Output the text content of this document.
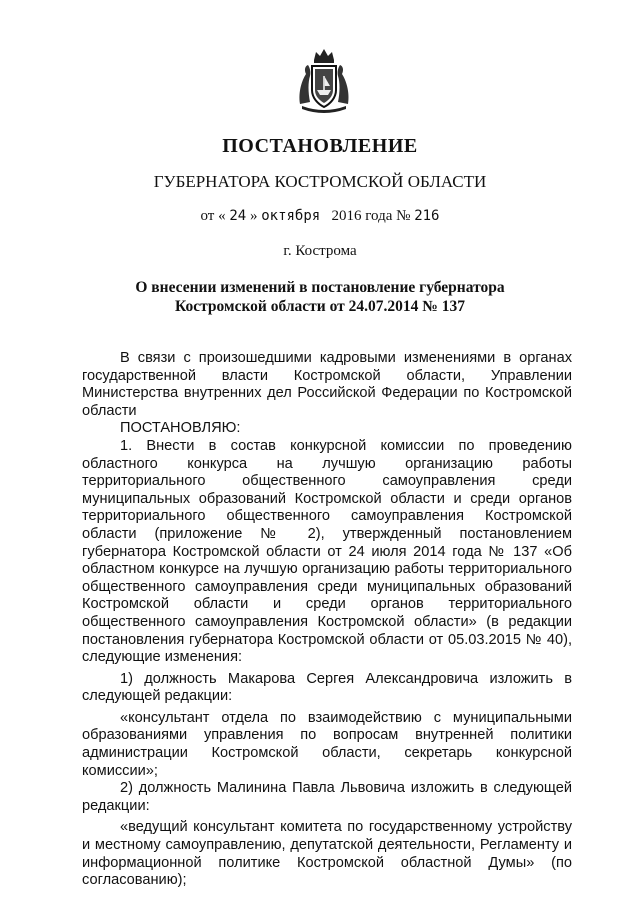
ПОСТАНОВЛЕНИЕ
ГУБЕРНАТОРА КОСТРОМСКОЙ ОБЛАСТИ
от « 24 » октября 2016 года № 216
г. Кострома
О внесении изменений в постановление губернатора
Костромской области от 24.07.2014 № 137

В связи с произошедшими кадровыми изменениями в органах государственной власти Костромской области, Управлении Министерства внутренних дел Российской Федерации по Костромской области

ПОСТАНОВЛЯЮ:

1. Внести в состав конкурсной комиссии по проведению областного конкурса на лучшую организацию работы территориального общественного самоуправления среди муниципальных образований Костромской области и среди органов территориального общественного самоуправления Костромской области (приложение № 2), утвержденный постановлением губернатора Костромской области от 24 июля 2014 года № 137 «Об областном конкурсе на лучшую организацию работы территориального общественного самоуправления среди муниципальных образований Костромской области и среди органов территориального общественного самоуправления Костромской области» (в редакции постановления губернатора Костромской области от 05.03.2015 № 40), следующие изменения:

1) должность Макарова Сергея Александровича изложить в следующей редакции:

«консультант отдела по взаимодействию с муниципальными образованиями управления по вопросам внутренней политики администрации Костромской области, секретарь конкурсной комиссии»;

2) должность Малинина Павла Львовича изложить в следующей редакции:

«ведущий консультант комитета по государственному устройству и местному самоуправлению, депутатской деятельности, Регламенту и информационной политике Костромской областной Думы» (по согласованию);
